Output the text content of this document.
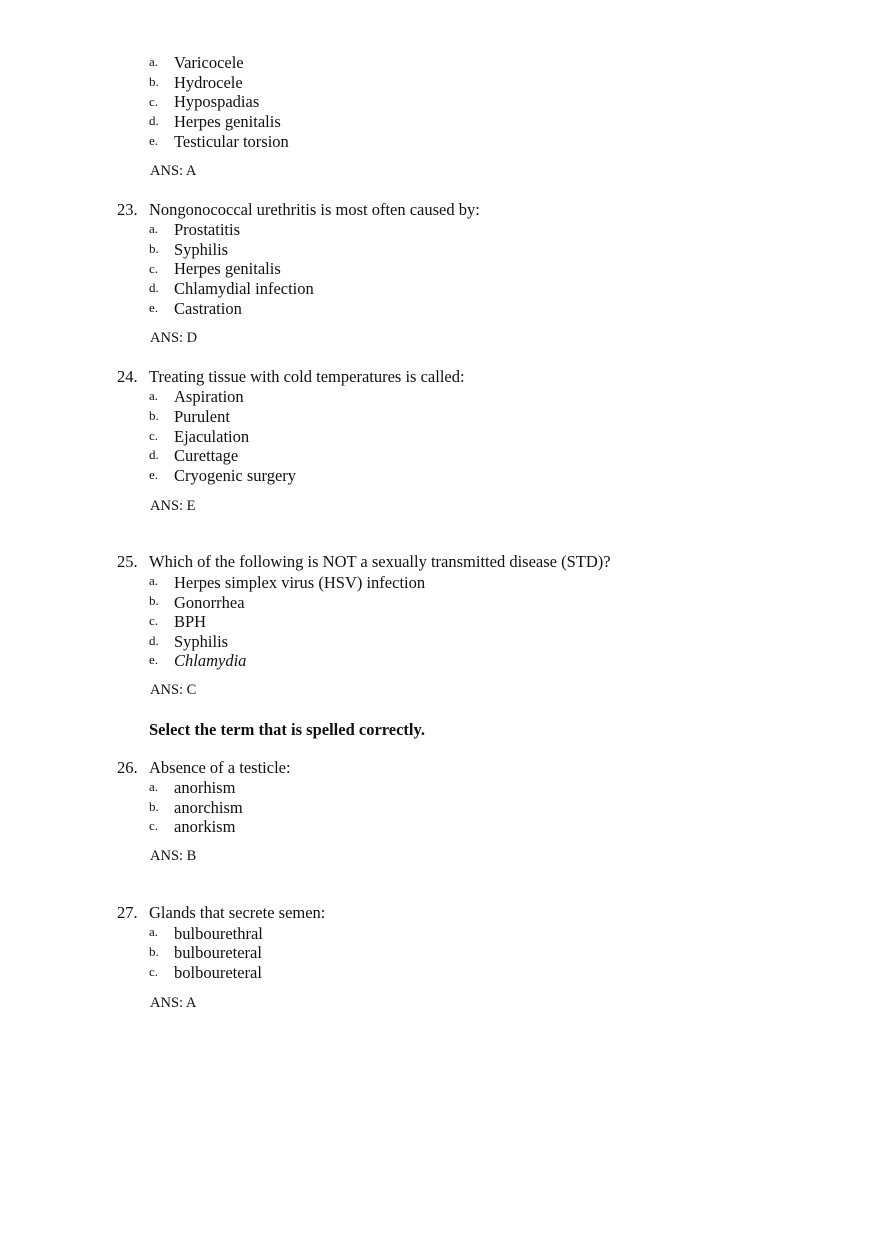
a. Varicocele
b. Hydrocele
c. Hypospadias
d. Herpes genitalis
e. Testicular torsion
ANS: A
23. Nongonococcal urethritis is most often caused by:
a. Prostatitis
b. Syphilis
c. Herpes genitalis
d. Chlamydial infection
e. Castration
ANS: D
24. Treating tissue with cold temperatures is called:
a. Aspiration
b. Purulent
c. Ejaculation
d. Curettage
e. Cryogenic surgery
ANS: E
25. Which of the following is NOT a sexually transmitted disease (STD)?
a. Herpes simplex virus (HSV) infection
b. Gonorrhea
c. BPH
d. Syphilis
e. Chlamydia
ANS: C
Select the term that is spelled correctly.
26. Absence of a testicle:
a. anorhism
b. anorchism
c. anorkism
ANS: B
27. Glands that secrete semen:
a. bulbourethral
b. bulboureteral
c. bolboureteral
ANS: A
